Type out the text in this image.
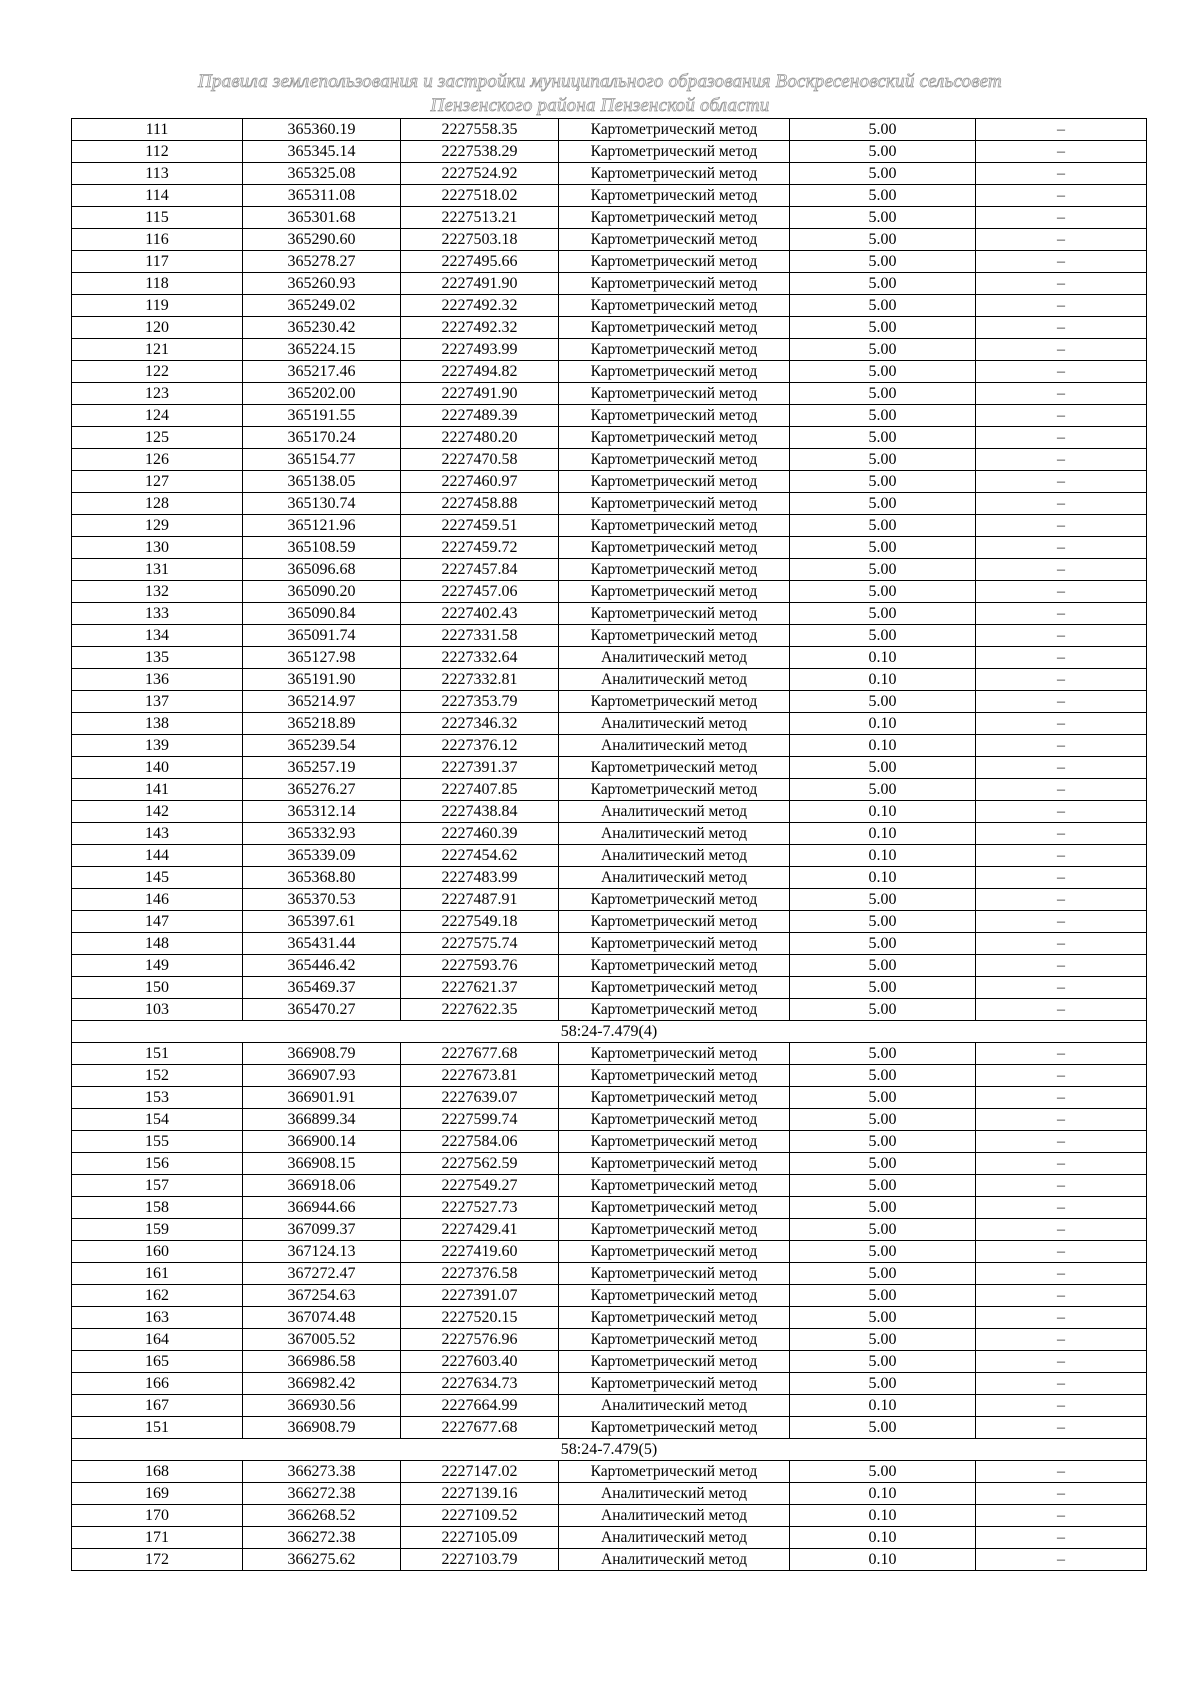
Правила землепользования и застройки муниципального образования Воскресеновский сельсовет
Пензенского района Пензенской области
111	365360.19	2227558.35	Картометрический метод	5.00	–
112	365345.14	2227538.29	Картометрический метод	5.00	–
113	365325.08	2227524.92	Картометрический метод	5.00	–
114	365311.08	2227518.02	Картометрический метод	5.00	–
115	365301.68	2227513.21	Картометрический метод	5.00	–
116	365290.60	2227503.18	Картометрический метод	5.00	–
117	365278.27	2227495.66	Картометрический метод	5.00	–
118	365260.93	2227491.90	Картометрический метод	5.00	–
119	365249.02	2227492.32	Картометрический метод	5.00	–
120	365230.42	2227492.32	Картометрический метод	5.00	–
121	365224.15	2227493.99	Картометрический метод	5.00	–
122	365217.46	2227494.82	Картометрический метод	5.00	–
123	365202.00	2227491.90	Картометрический метод	5.00	–
124	365191.55	2227489.39	Картометрический метод	5.00	–
125	365170.24	2227480.20	Картометрический метод	5.00	–
126	365154.77	2227470.58	Картометрический метод	5.00	–
127	365138.05	2227460.97	Картометрический метод	5.00	–
128	365130.74	2227458.88	Картометрический метод	5.00	–
129	365121.96	2227459.51	Картометрический метод	5.00	–
130	365108.59	2227459.72	Картометрический метод	5.00	–
131	365096.68	2227457.84	Картометрический метод	5.00	–
132	365090.20	2227457.06	Картометрический метод	5.00	–
133	365090.84	2227402.43	Картометрический метод	5.00	–
134	365091.74	2227331.58	Картометрический метод	5.00	–
135	365127.98	2227332.64	Аналитический метод	0.10	–
136	365191.90	2227332.81	Аналитический метод	0.10	–
137	365214.97	2227353.79	Картометрический метод	5.00	–
138	365218.89	2227346.32	Аналитический метод	0.10	–
139	365239.54	2227376.12	Аналитический метод	0.10	–
140	365257.19	2227391.37	Картометрический метод	5.00	–
141	365276.27	2227407.85	Картометрический метод	5.00	–
142	365312.14	2227438.84	Аналитический метод	0.10	–
143	365332.93	2227460.39	Аналитический метод	0.10	–
144	365339.09	2227454.62	Аналитический метод	0.10	–
145	365368.80	2227483.99	Аналитический метод	0.10	–
146	365370.53	2227487.91	Картометрический метод	5.00	–
147	365397.61	2227549.18	Картометрический метод	5.00	–
148	365431.44	2227575.74	Картометрический метод	5.00	–
149	365446.42	2227593.76	Картометрический метод	5.00	–
150	365469.37	2227621.37	Картометрический метод	5.00	–
103	365470.27	2227622.35	Картометрический метод	5.00	–
58:24-7.479(4)					
151	366908.79	2227677.68	Картометрический метод	5.00	–
152	366907.93	2227673.81	Картометрический метод	5.00	–
153	366901.91	2227639.07	Картометрический метод	5.00	–
154	366899.34	2227599.74	Картометрический метод	5.00	–
155	366900.14	2227584.06	Картометрический метод	5.00	–
156	366908.15	2227562.59	Картометрический метод	5.00	–
157	366918.06	2227549.27	Картометрический метод	5.00	–
158	366944.66	2227527.73	Картометрический метод	5.00	–
159	367099.37	2227429.41	Картометрический метод	5.00	–
160	367124.13	2227419.60	Картометрический метод	5.00	–
161	367272.47	2227376.58	Картометрический метод	5.00	–
162	367254.63	2227391.07	Картометрический метод	5.00	–
163	367074.48	2227520.15	Картометрический метод	5.00	–
164	367005.52	2227576.96	Картометрический метод	5.00	–
165	366986.58	2227603.40	Картометрический метод	5.00	–
166	366982.42	2227634.73	Картометрический метод	5.00	–
167	366930.56	2227664.99	Аналитический метод	0.10	–
151	366908.79	2227677.68	Картометрический метод	5.00	–
58:24-7.479(5)					
168	366273.38	2227147.02	Картометрический метод	5.00	–
169	366272.38	2227139.16	Аналитический метод	0.10	–
170	366268.52	2227109.52	Аналитический метод	0.10	–
171	366272.38	2227105.09	Аналитический метод	0.10	–
172	366275.62	2227103.79	Аналитический метод	0.10	–
